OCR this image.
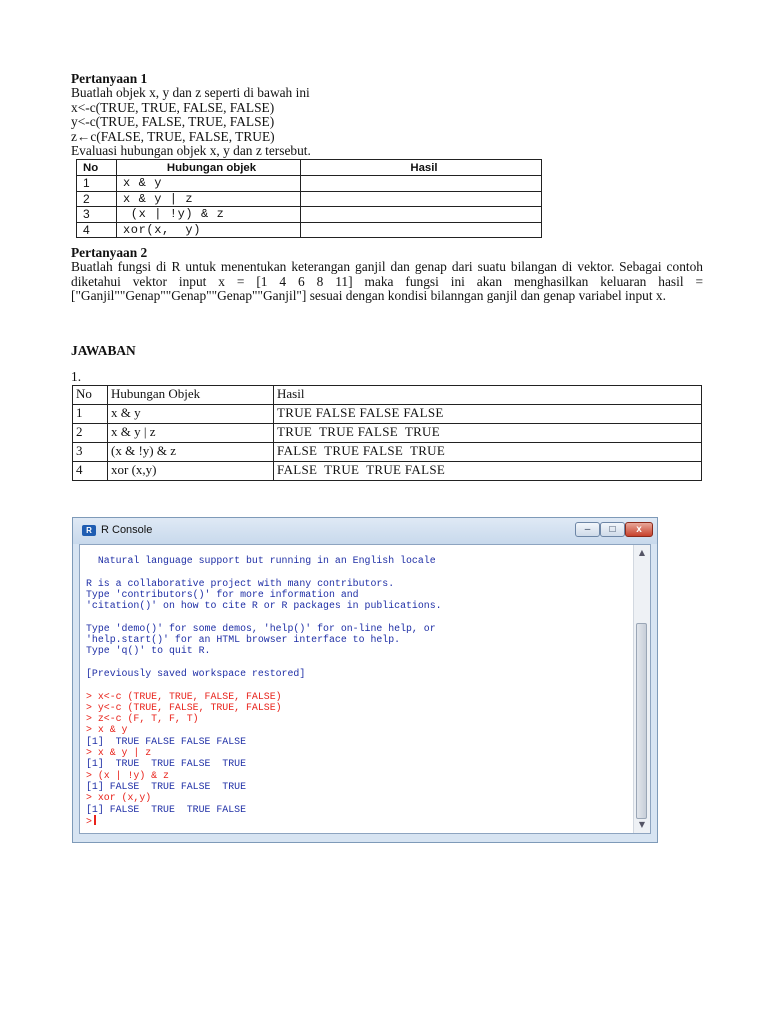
Pertanyaan 1

Buatlah objek x, y dan z seperti di bawah ini

x<-c(TRUE, TRUE, FALSE, FALSE)

y<-c(TRUE, FALSE, TRUE, FALSE)

z←c(FALSE, TRUE, FALSE, TRUE)

Evaluasi hubungan objek x, y dan z tersebut.

No	Hubungan objek	Hasil
1	x & y	
2	x & y | z	
3	(x | !y) & z	
4	xor(x,  y)	

Pertanyaan 2

Buatlah fungsi di R untuk menentukan keterangan ganjil dan genap dari suatu bilangan di vektor. Sebagai contoh diketahui vektor input x = [1 4 6 8 11] maka fungsi ini akan menghasilkan keluaran hasil = ["Ganjil""Genap""Genap""Genap""Ganjil"] sesuai dengan kondisi bilanngan ganjil dan genap variabel input x.

JAWABAN

1.

No	Hubungan Objek	Hasil
1	x & y	TRUE FALSE FALSE FALSE
2	x & y | z	TRUE  TRUE FALSE  TRUE
3	(x & !y) & z	FALSE  TRUE FALSE  TRUE
4	xor (x,y)	FALSE  TRUE  TRUE FALSE
R R Console	–	□	x
Natural language support but running in an English locale
R is a collaborative project with many contributors.
Type 'contributors()' for more information and
'citation()' on how to cite R or R packages in publications.
Type 'demo()' for some demos, 'help()' for on-line help, or
'help.start()' for an HTML browser interface to help.
Type 'q()' to quit R.
[Previously saved workspace restored]
> x<-c (TRUE, TRUE, FALSE, FALSE)
> y<-c (TRUE, FALSE, TRUE, FALSE)
> z<-c (F, T, F, T)
> x & y
[1]  TRUE FALSE FALSE FALSE
> x & y | z
[1]  TRUE  TRUE FALSE  TRUE
> (x | !y) & z
[1] FALSE  TRUE FALSE  TRUE
> xor (x,y)
[1] FALSE  TRUE  TRUE FALSE
>
▲
▼
